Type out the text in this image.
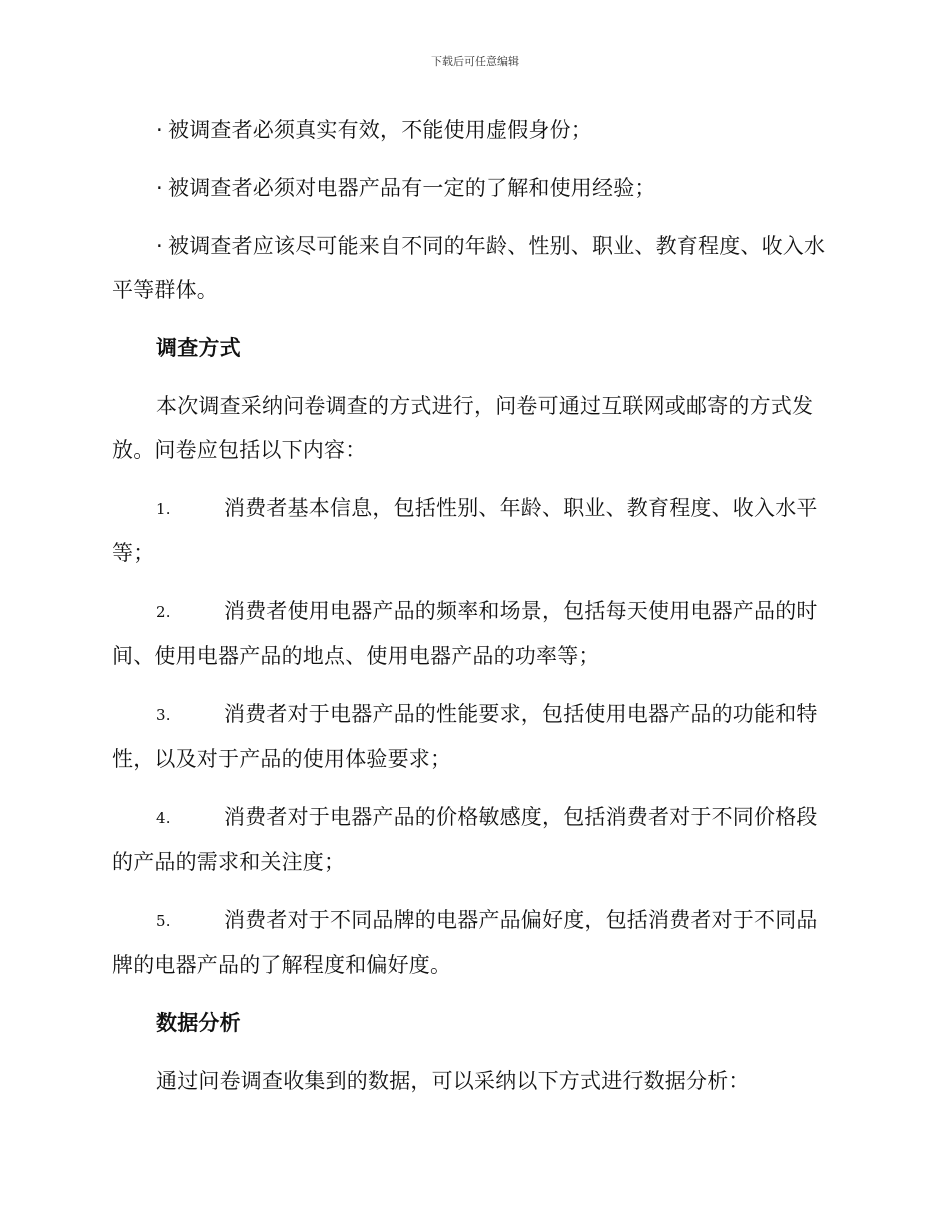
下载后可任意编辑

· 被调查者必须真实有效，不能使用虚假身份；

· 被调查者必须对电器产品有一定的了解和使用经验；

· 被调查者应该尽可能来自不同的年龄、性别、职业、教育程度、收入水平等群体。

调查方式

本次调查采纳问卷调查的方式进行，问卷可通过互联网或邮寄的方式发放。问卷应包括以下内容：

1.	消费者基本信息，包括性别、年龄、职业、教育程度、收入水平等；

2.	消费者使用电器产品的频率和场景，包括每天使用电器产品的时间、使用电器产品的地点、使用电器产品的功率等；

3.	消费者对于电器产品的性能要求，包括使用电器产品的功能和特性，以及对于产品的使用体验要求；

4.	消费者对于电器产品的价格敏感度，包括消费者对于不同价格段的产品的需求和关注度；

5.	消费者对于不同品牌的电器产品偏好度，包括消费者对于不同品牌的电器产品的了解程度和偏好度。

数据分析

通过问卷调查收集到的数据，可以采纳以下方式进行数据分析：
